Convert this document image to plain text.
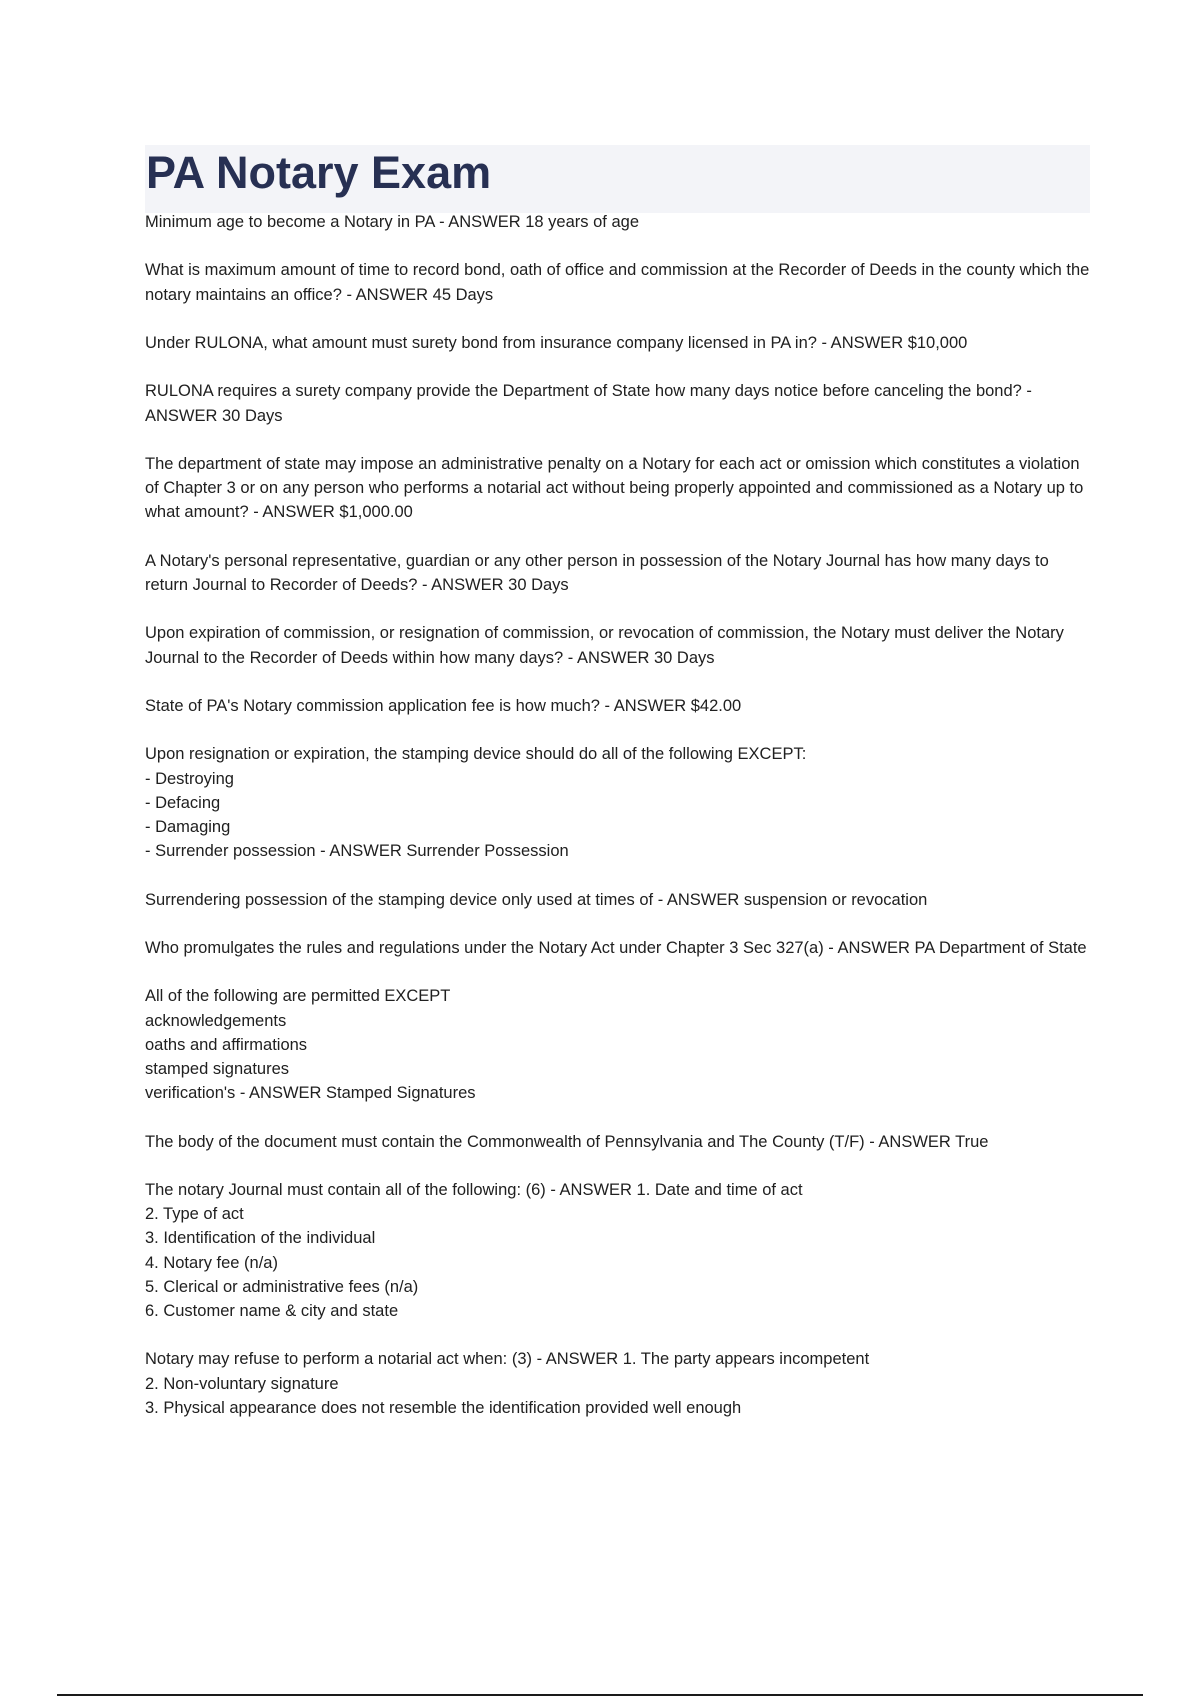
PA Notary Exam
Minimum age to become a Notary in PA - ANSWER 18 years of age
What is maximum amount of time to record bond, oath of office and commission at the Recorder of Deeds in the county which the notary maintains an office? - ANSWER 45 Days
Under RULONA, what amount must surety bond from insurance company licensed in PA in? - ANSWER $10,000
RULONA requires a surety company provide the Department of State how many days notice before canceling the bond? - ANSWER 30 Days
The department of state may impose an administrative penalty on a Notary for each act or omission which constitutes a violation of Chapter 3 or on any person who performs a notarial act without being properly appointed and commissioned as a Notary up to what amount? - ANSWER $1,000.00
A Notary's personal representative, guardian or any other person in possession of the Notary Journal has how many days to return Journal to Recorder of Deeds? - ANSWER 30 Days
Upon expiration of commission, or resignation of commission, or revocation of commission, the Notary must deliver the Notary Journal to the Recorder of Deeds within how many days? - ANSWER 30 Days
State of PA's Notary commission application fee is how much? - ANSWER $42.00
Upon resignation or expiration, the stamping device should do all of the following EXCEPT:
- Destroying
- Defacing
- Damaging
- Surrender possession - ANSWER Surrender Possession
Surrendering possession of the stamping device only used at times of - ANSWER suspension or revocation
Who promulgates the rules and regulations under the Notary Act under Chapter 3 Sec 327(a) - ANSWER PA Department of State
All of the following are permitted EXCEPT
acknowledgements
oaths and affirmations
stamped signatures
verification's - ANSWER Stamped Signatures
The body of the document must contain the Commonwealth of Pennsylvania and The County (T/F) - ANSWER True
The notary Journal must contain all of the following: (6) - ANSWER 1. Date and time of act
2. Type of act
3. Identification of the individual
4. Notary fee (n/a)
5. Clerical or administrative fees (n/a)
6. Customer name & city and state
Notary may refuse to perform a notarial act when: (3) - ANSWER 1. The party appears incompetent
2. Non-voluntary signature
3. Physical appearance does not resemble the identification provided well enough
